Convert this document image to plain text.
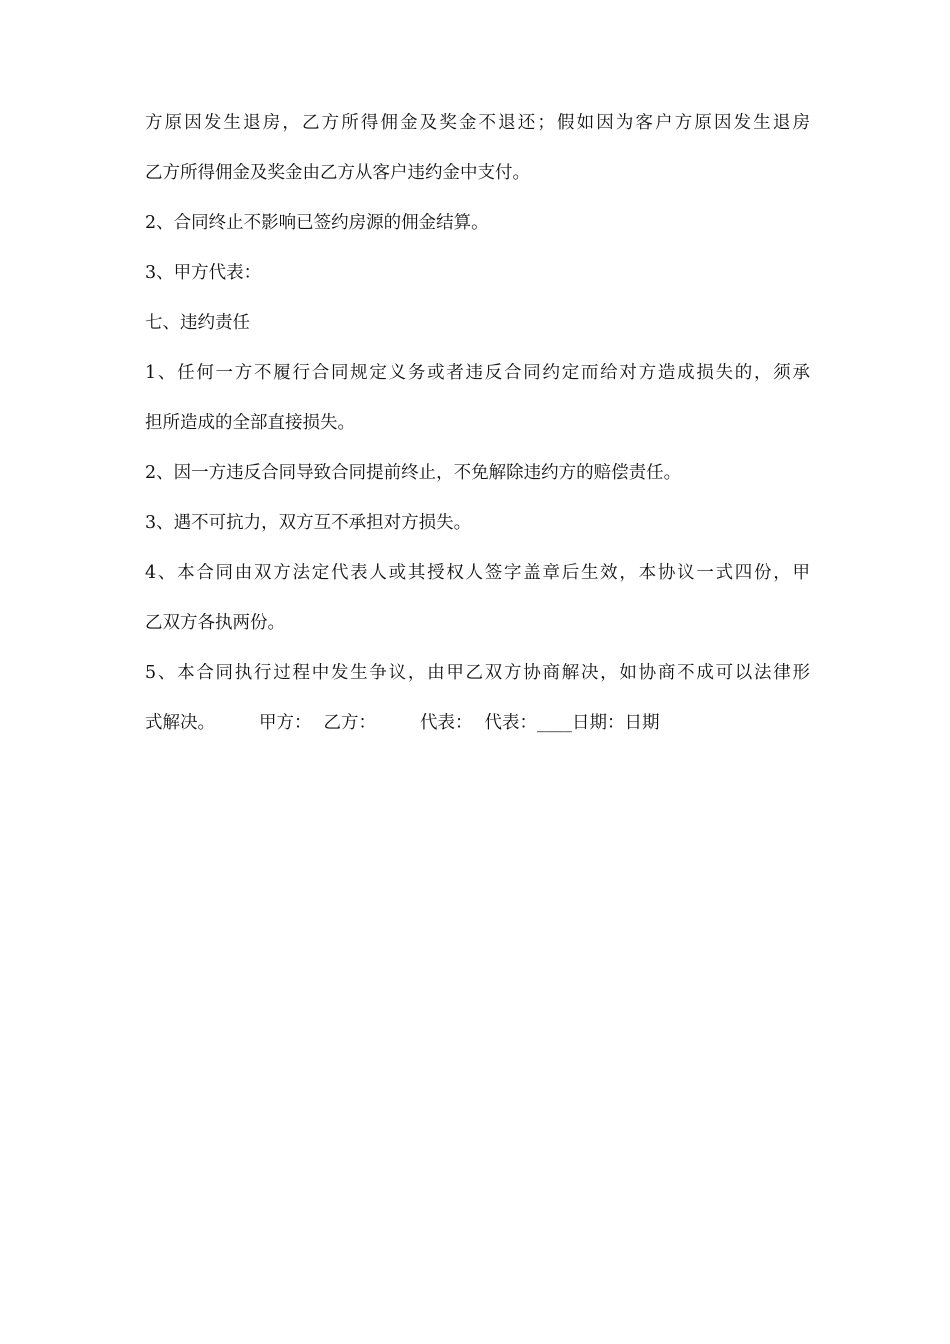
方原因发生退房，乙方所得佣金及奖金不退还；假如因为客户方原因发生退房
乙方所得佣金及奖金由乙方从客户违约金中支付。
2、合同终止不影响已签约房源的佣金结算。
3、甲方代表：
七、违约责任
1、任何一方不履行合同规定义务或者违反合同约定而给对方造成损失的，须承
担所造成的全部直接损失。
2、因一方违反合同导致合同提前终止，不免解除违约方的赔偿责任。
3、遇不可抗力，双方互不承担对方损失。
4、本合同由双方法定代表人或其授权人签字盖章后生效，本协议一式四份，甲
乙双方各执两份。
5、本合同执行过程中发生争议，由甲乙双方协商解决，如协商不成可以法律形
式解决。	甲方： 乙方：	代表： 代表：____日期：日期
